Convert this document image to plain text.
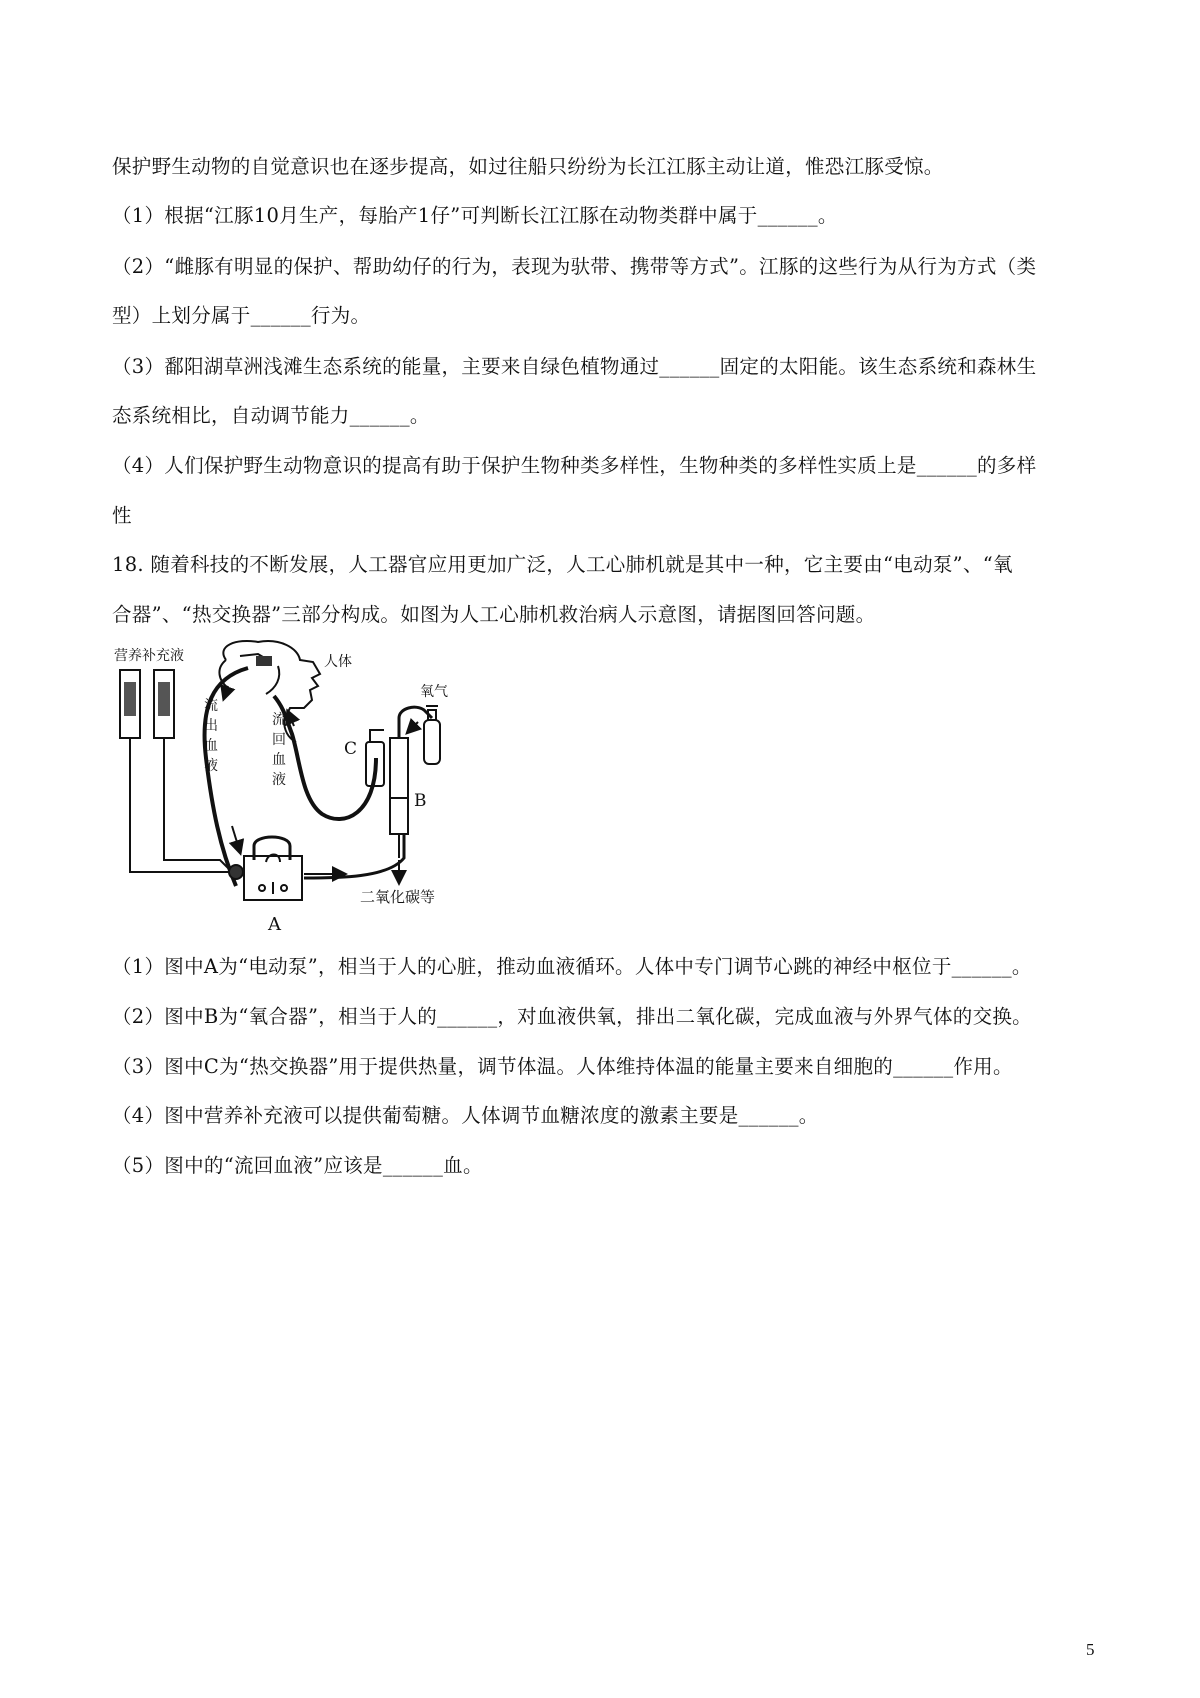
保护野生动物的自觉意识也在逐步提高，如过往船只纷纷为长江江豚主动让道，惟恐江豚受惊。
（1）根据“江豚10月生产，每胎产1仔”可判断长江江豚在动物类群中属于______。
（2）“雌豚有明显的保护、帮助幼仔的行为，表现为驮带、携带等方式”。江豚的这些行为从行为方式（类
型）上划分属于______行为。
（3）鄱阳湖草洲浅滩生态系统的能量，主要来自绿色植物通过______固定的太阳能。该生态系统和森林生
态系统相比，自动调节能力______。
（4）人们保护野生动物意识的提高有助于保护生物种类多样性，生物种类的多样性实质上是______的多样
性
18. 随着科技的不断发展，人工器官应用更加广泛，人工心肺机就是其中一种，它主要由“电动泵”、“氧
合器”、“热交换器”三部分构成。如图为人工心肺机救治病人示意图，请据图回答问题。
营养补充液	人体
氧气
流
出
血
液
流
回
血
液
C
B
A
二氧化碳等
（1）图中A为“电动泵”，相当于人的心脏，推动血液循环。人体中专门调节心跳的神经中枢位于______。
（2）图中B为“氧合器”，相当于人的______，对血液供氧，排出二氧化碳，完成血液与外界气体的交换。
（3）图中C为“热交换器”用于提供热量，调节体温。人体维持体温的能量主要来自细胞的______作用。
（4）图中营养补充液可以提供葡萄糖。人体调节血糖浓度的激素主要是______。
（5）图中的“流回血液”应该是______血。
5
